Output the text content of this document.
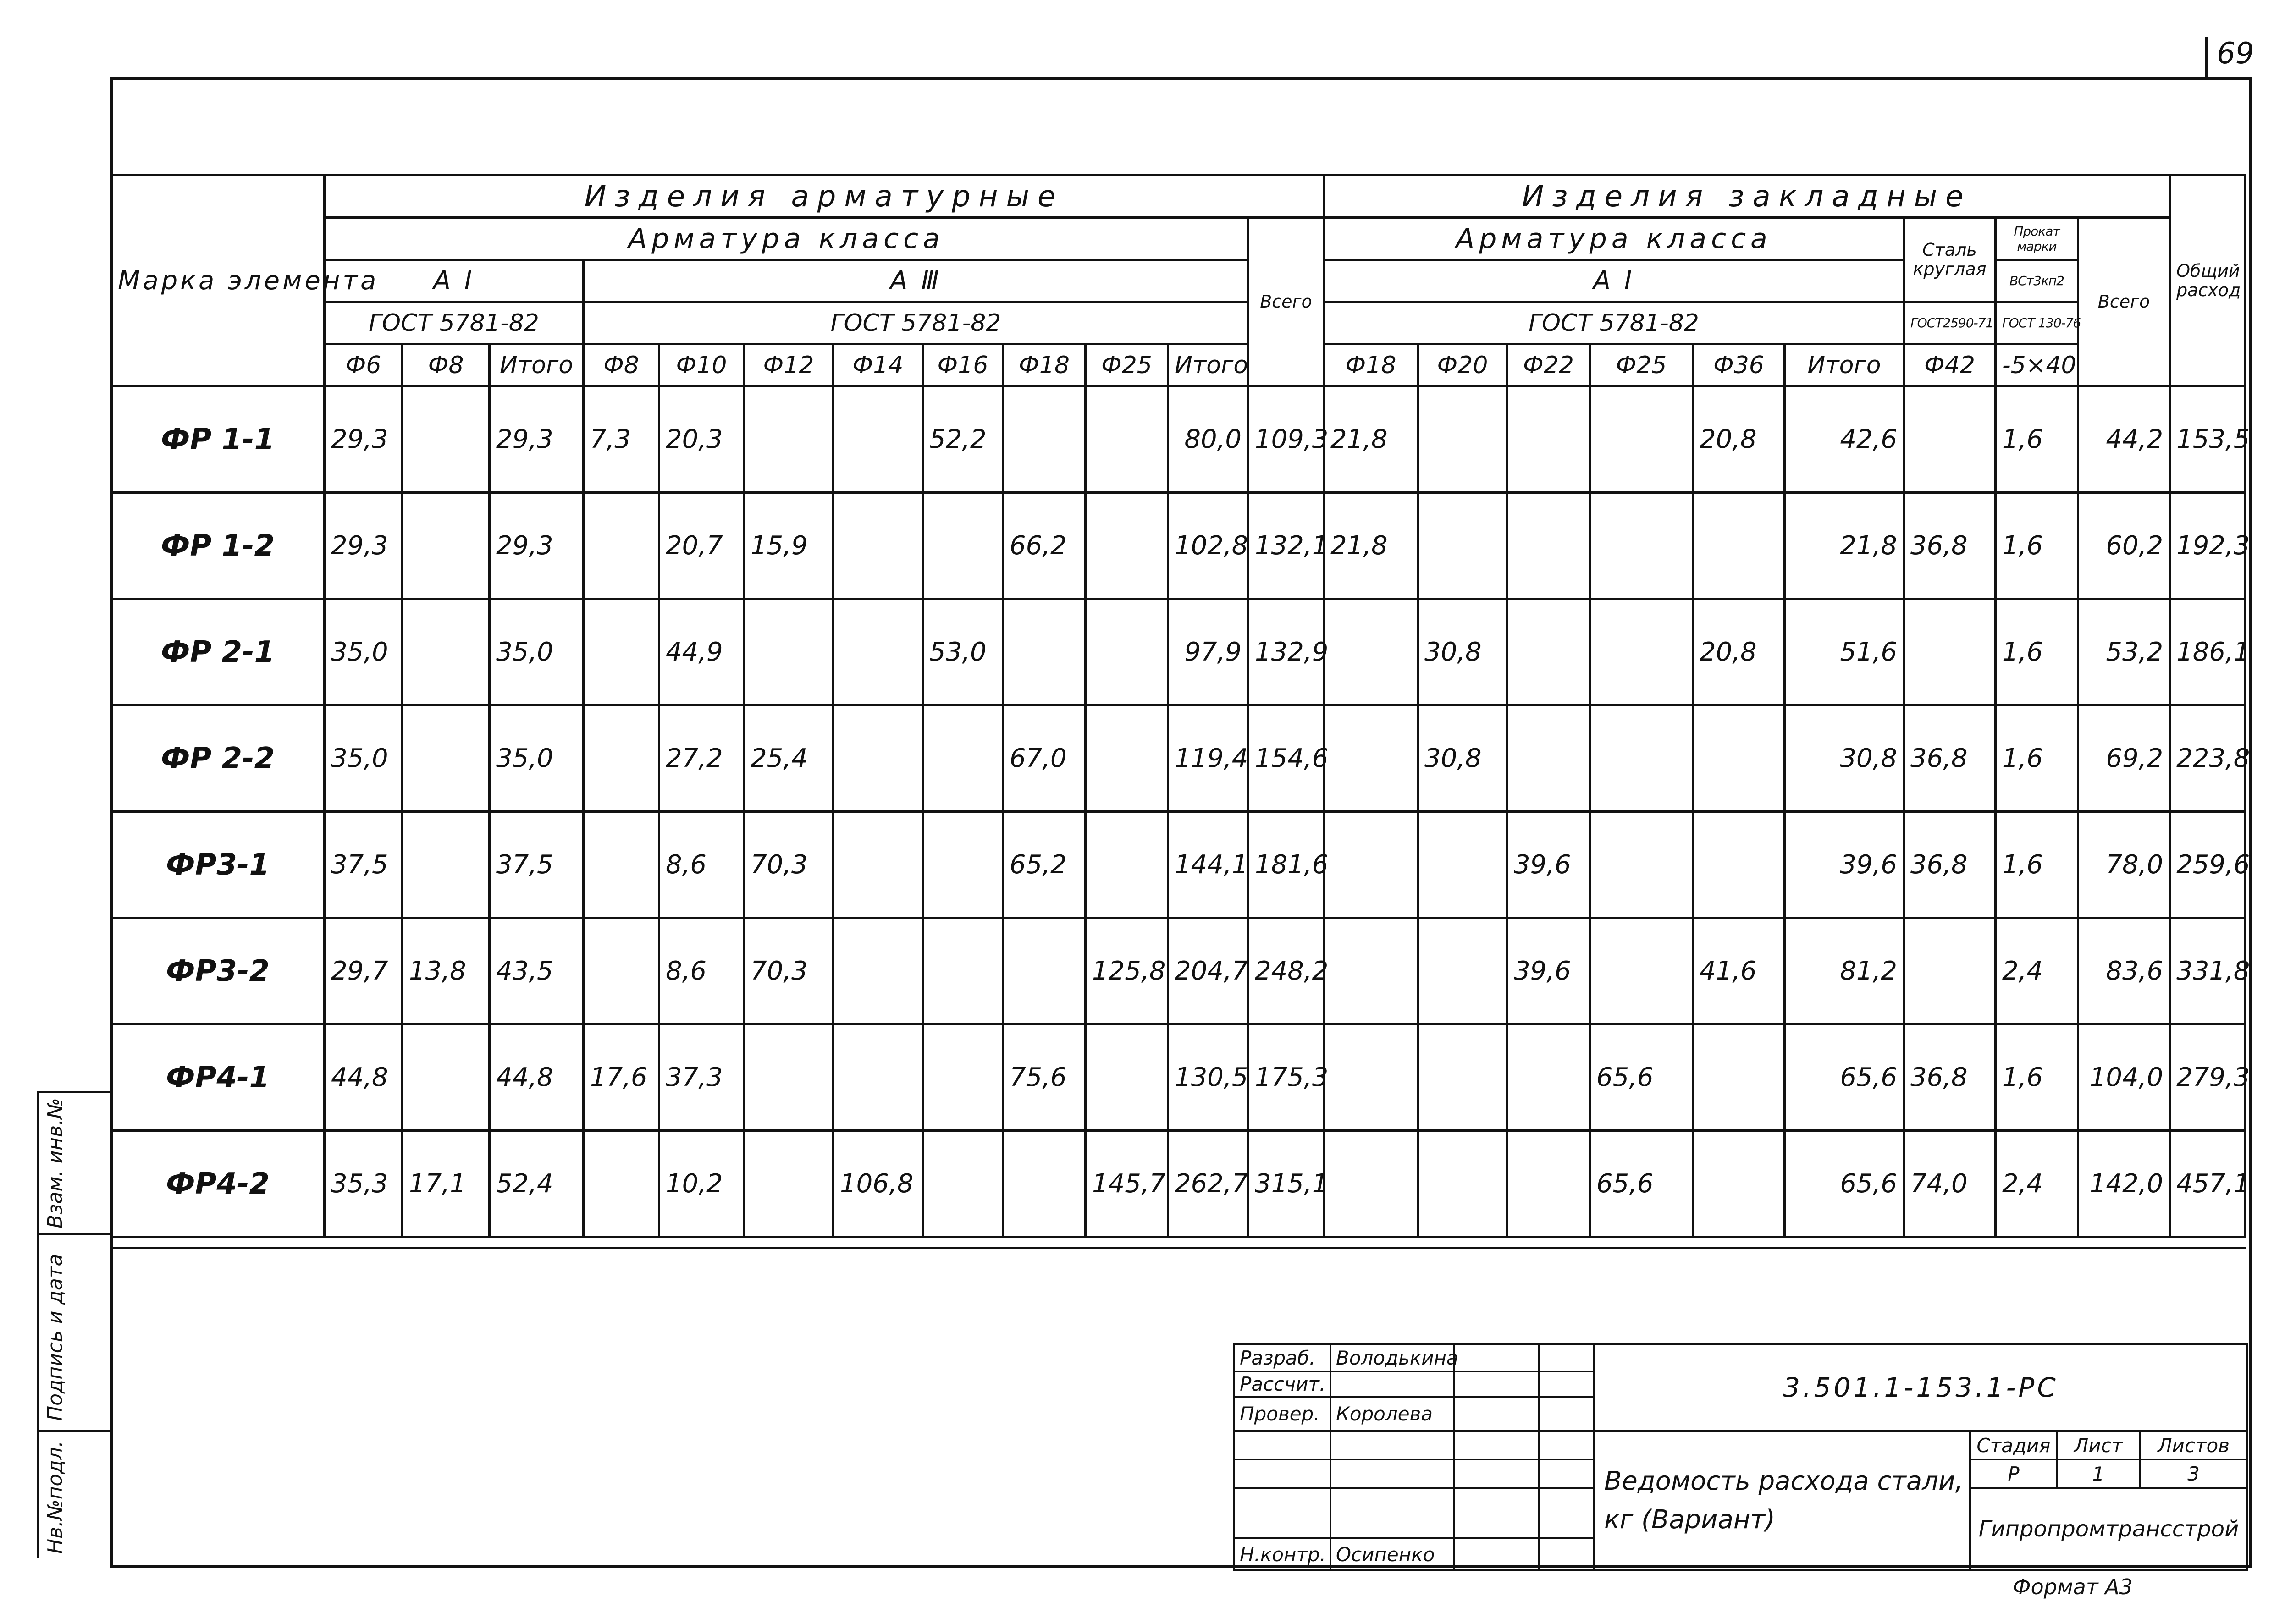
69
Марка элемента	Изделия арматурные												Изделия закладные									Общий
расход
	Арматура класса											Всего	Арматура класса						Сталь
круглая	Прокат
марки	Всего	
	A I			A Ⅲ									A I							ВСт3кп2		
	ГОСТ 5781-82			ГОСТ 5781-82									ГОСТ 5781-82						ГОСТ2590-71	ГОСТ 130-76		
	Ф6	Ф8	Итого	Ф8	Ф10	Ф12	Ф14	Ф16	Ф18	Ф25	Итого		Ф18	Ф20	Ф22	Ф25	Ф36	Итого	Ф42	-5×40		
ФР 1-1	29,3		29,3	7,3	20,3			52,2			80,0	109,3	21,8				20,8	42,6		1,6	44,2	153,5
ФР 1-2	29,3		29,3		20,7	15,9			66,2		102,8	132,1	21,8					21,8	36,8	1,6	60,2	192,3
ФР 2-1	35,0		35,0		44,9			53,0			97,9	132,9		30,8			20,8	51,6		1,6	53,2	186,1
ФР 2-2	35,0		35,0		27,2	25,4			67,0		119,4	154,6		30,8				30,8	36,8	1,6	69,2	223,8
ФР3-1	37,5		37,5		8,6	70,3			65,2		144,1	181,6			39,6			39,6	36,8	1,6	78,0	259,6
ФР3-2	29,7	13,8	43,5		8,6	70,3				125,8	204,7	248,2			39,6		41,6	81,2		2,4	83,6	331,8
ФР4-1	44,8		44,8	17,6	37,3				75,6		130,5	175,3				65,6		65,6	36,8	1,6	104,0	279,3
ФР4-2	35,3	17,1	52,4		10,2		106,8			145,7	262,7	315,1				65,6		65,6	74,0	2,4	142,0	457,1
Разраб.	Володькина			3.501.1-153.1-РС			
Рассчит.							
Провер.	Королева						
				Ведомость расхода стали,
кг (Вариант)	Стадия	Лист	Листов
					Р	1	3
					Гипропромтрансстрой		
Н.контр.	Осипенко						
Формат А3
Взам. инв.№
Подпись и дата
Нв.№подл.
